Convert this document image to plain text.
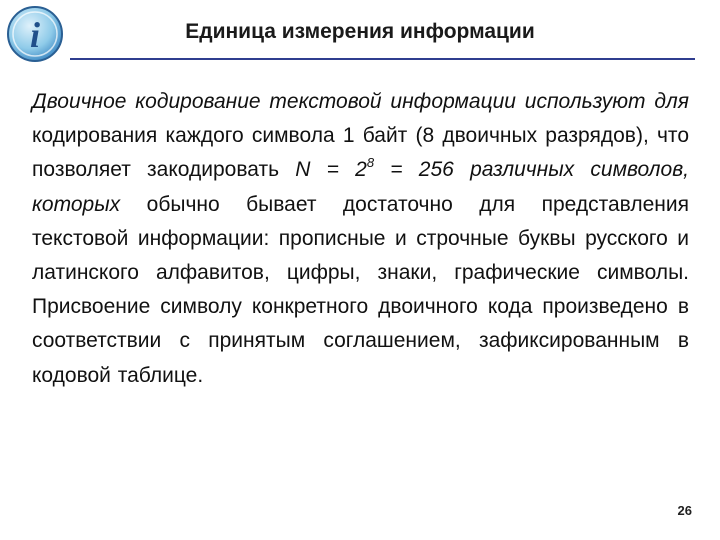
i	Единица измерения информации
Двоичное кодирование текстовой информации используют для кодирования каждого символа 1 байт (8 двоичных разрядов), что позволяет закодировать $N = 2^8 = 256$ различных символов, которых обычно бывает достаточно для представления текстовой информации: прописные и строчные буквы русского и латинского алфавитов, цифры, знаки, графические символы. Присвоение символу конкретного двоичного кода произведено в соответствии с принятым соглашением, зафиксированным в кодовой таблице.
26
